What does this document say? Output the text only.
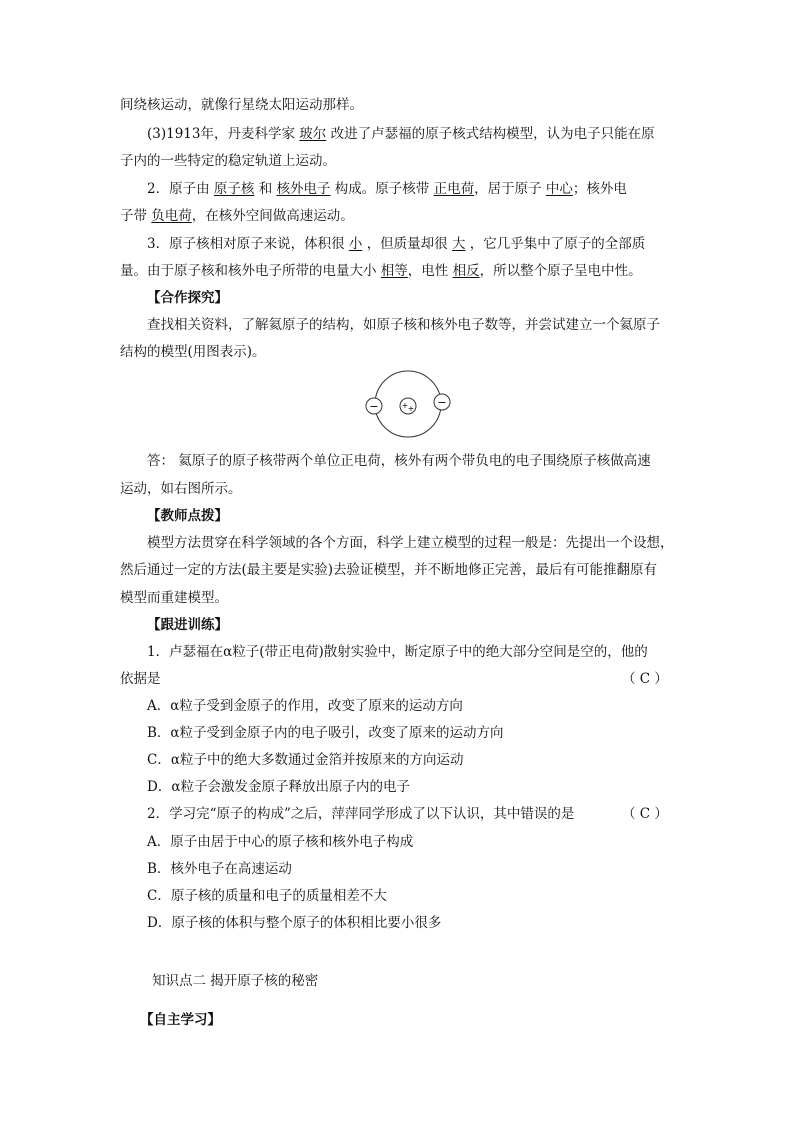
间绕核运动，就像行星绕太阳运动那样。
(3)1913年，丹麦科学家 玻尔 改进了卢瑟福的原子核式结构模型，认为电子只能在原
子内的一些特定的稳定轨道上运动。
2．原子由 原子核 和 核外电子 构成。原子核带 正电荷，居于原子 中心；核外电
子带 负电荷，在核外空间做高速运动。
3．原子核相对原子来说，体积很 小 ，但质量却很 大 ，它几乎集中了原子的全部质
量。由于原子核和核外电子所带的电量大小 相等，电性 相反，所以整个原子呈电中性。
【合作探究】
查找相关资料，了解氦原子的结构，如原子核和核外电子数等，并尝试建立一个氦原子
结构的模型(用图表示)。
−	−
+ +
答： 氦原子的原子核带两个单位正电荷，核外有两个带负电的电子围绕原子核做高速
运动，如右图所示。
【教师点拨】
模型方法贯穿在科学领域的各个方面，科学上建立模型的过程一般是：先提出一个设想，
然后通过一定的方法(最主要是实验)去验证模型，并不断地修正完善，最后有可能推翻原有
模型而重建模型。
【跟进训练】
1．卢瑟福在α粒子(带正电荷)散射实验中，断定原子中的绝大部分空间是空的，他的
依据是	（ C ）
A．α粒子受到金原子的作用，改变了原来的运动方向
B．α粒子受到金原子内的电子吸引，改变了原来的运动方向
C．α粒子中的绝大多数通过金箔并按原来的方向运动
D．α粒子会激发金原子释放出原子内的电子
2．学习完“原子的构成”之后，萍萍同学形成了以下认识，其中错误的是	（ C ）
A．原子由居于中心的原子核和核外电子构成
B．核外电子在高速运动
C．原子核的质量和电子的质量相差不大
D．原子核的体积与整个原子的体积相比要小很多
知识点二 揭开原子核的秘密
【自主学习】
